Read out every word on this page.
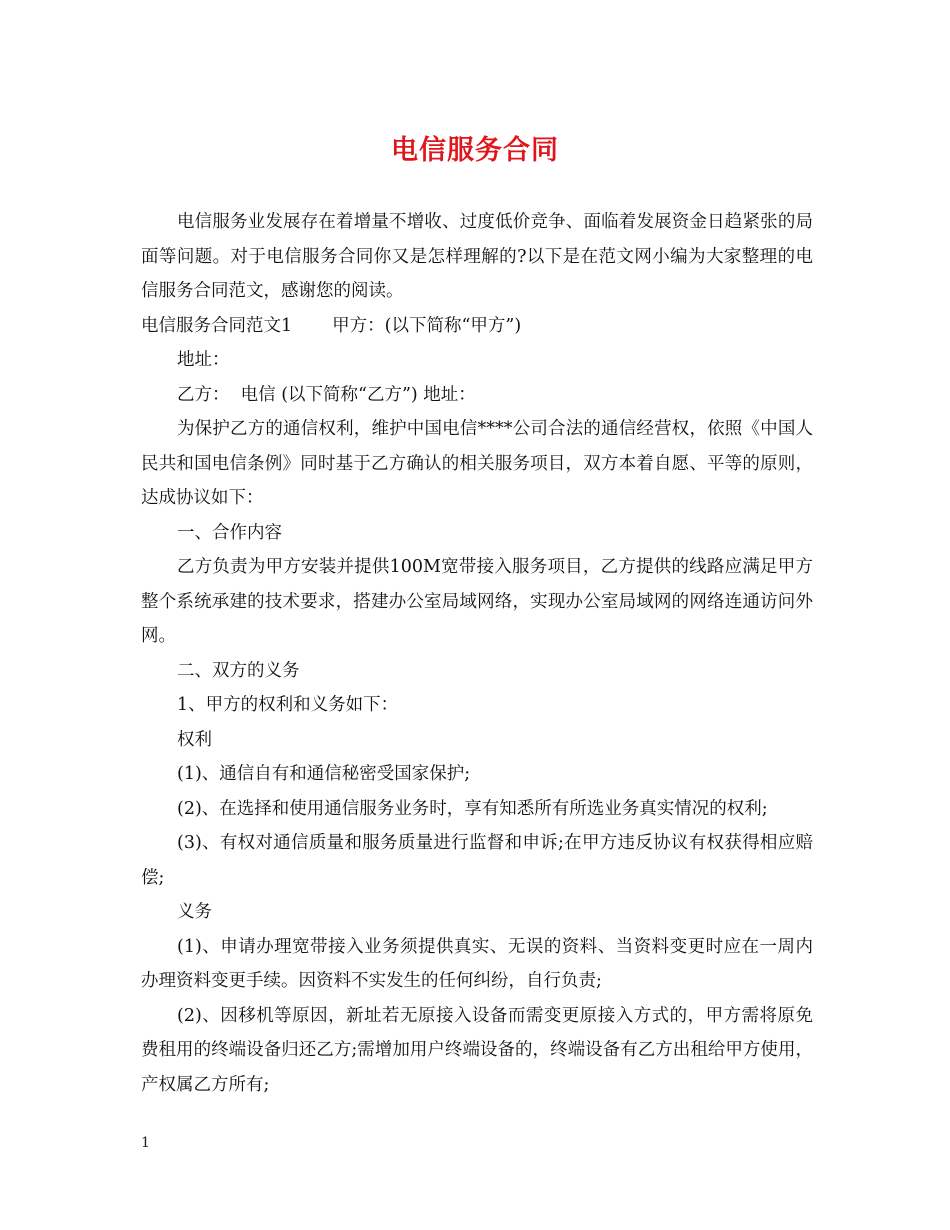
电信服务合同

电信服务业发展存在着增量不增收、过度低价竞争、面临着发展资金日趋紧张的局面等问题。对于电信服务合同你又是怎样理解的?以下是在范文网小编为大家整理的电信服务合同范文，感谢您的阅读。

电信服务合同范文1 甲方：(以下简称“甲方”)

地址：

乙方：  电信 (以下简称“乙方”) 地址：

为保护乙方的通信权利，维护中国电信****公司合法的通信经营权，依照《中国人民共和国电信条例》同时基于乙方确认的相关服务项目，双方本着自愿、平等的原则，达成协议如下：

一、合作内容

乙方负责为甲方安装并提供100M宽带接入服务项目，乙方提供的线路应满足甲方整个系统承建的技术要求，搭建办公室局域网络，实现办公室局域网的网络连通访问外网。

二、双方的义务

1、甲方的权利和义务如下：

权利

(1)、通信自有和通信秘密受国家保护;

(2)、在选择和使用通信服务业务时，享有知悉所有所选业务真实情况的权利;

(3)、有权对通信质量和服务质量进行监督和申诉;在甲方违反协议有权获得相应赔偿;

义务

(1)、申请办理宽带接入业务须提供真实、无误的资料、当资料变更时应在一周内办理资料变更手续。因资料不实发生的任何纠纷，自行负责;

(2)、因移机等原因，新址若无原接入设备而需变更原接入方式的，甲方需将原免费租用的终端设备归还乙方;需增加用户终端设备的，终端设备有乙方出租给甲方使用，产权属乙方所有;

1
